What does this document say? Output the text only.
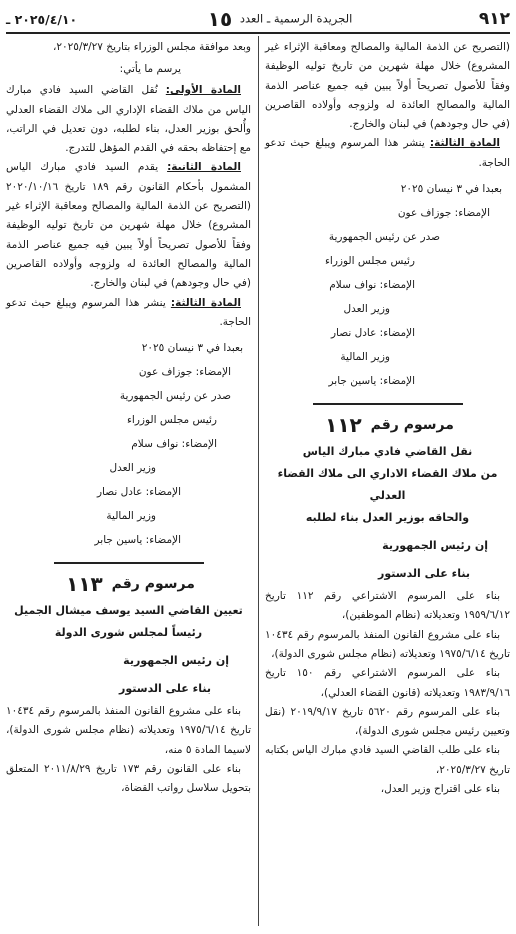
٩١٢
الجريدة الرسمية ـ العدد ١٥
٢٠٢٥/٤/١٠ ـ

(التصريح عن الذمة المالية والمصالح ومعاقبة الإثراء غير المشروع) خلال مهلة شهرين من تاريخ توليه الوظيفة وفقاً للأصول تصريحاً أولاً يبين فيه جميع عناصر الذمة المالية والمصالح العائدة له ولزوجه وأولاده القاصرين (في حال وجودهم) في لبنان والخارج.

المادة الثالثة: ينشر هذا المرسوم ويبلغ حيث تدعو الحاجة.

بعبدا في ٣ نيسان ٢٠٢٥

الإمضاء: جوزاف عون

صدر عن رئيس الجمهورية

رئيس مجلس الوزراء

الإمضاء: نواف سلام

وزير العدل

الإمضاء: عادل نصار

وزير المالية

الإمضاء: ياسين جابر

مرسوم رقم ١١٢

نقل القاضي فادي مبارك الياس

من ملاك القضاء الاداري الى ملاك القضاء العدلي

والحاقه بوزير العدل بناء لطلبه

إن رئيس الجمهورية
بناء على الدستور

بناء على المرسوم الاشتراعي رقم ١١٢ تاريخ ١٩٥٩/٦/١٢ وتعديلاته (نظام الموظفين)،

بناء على مشروع القانون المنفذ بالمرسوم رقم ١٠٤٣٤ تاريخ ١٩٧٥/٦/١٤ وتعديلاته (نظام مجلس شورى الدولة)،

بناء على المرسوم الاشتراعي رقم ١٥٠ تاريخ ١٩٨٣/٩/١٦ وتعديلاته (قانون القضاء العدلي)،

بناء على المرسوم رقم ٥٦٢٠ تاريخ ٢٠١٩/٩/١٧ (نقل وتعيين رئيس مجلس شورى الدولة)،

بناء على طلب القاضي السيد فادي مبارك الياس بكتابه تاريخ ٢٠٢٥/٣/٢٧،

بناء على اقتراح وزير العدل،

وبعد موافقة مجلس الوزراء بتاريخ ٢٠٢٥/٣/٢٧،

يرسم ما يأتي:

المادة الأولى: نُقل القاضي السيد فادي مبارك الياس من ملاك القضاء الإداري الى ملاك القضاء العدلي وأُلحق بوزير العدل، بناء لطلبه، دون تعديل في الراتب، مع إحتفاظه بحقه في القدم المؤهل للتدرج.

المادة الثانية: يقدم السيد فادي مبارك الياس المشمول بأحكام القانون رقم ١٨٩ تاريخ ٢٠٢٠/١٠/١٦ (التصريح عن الذمة المالية والمصالح ومعاقبة الإثراء غير المشروع) خلال مهلة شهرين من تاريخ توليه الوظيفة وفقاً للأصول تصريحاً أولاً يبين فيه جميع عناصر الذمة المالية والمصالح العائدة له ولزوجه وأولاده القاصرين (في حال وجودهم) في لبنان والخارج.

المادة الثالثة: ينشر هذا المرسوم ويبلغ حيث تدعو الحاجة.

بعبدا في ٣ نيسان ٢٠٢٥

الإمضاء: جوزاف عون

صدر عن رئيس الجمهورية

رئيس مجلس الوزراء

الإمضاء: نواف سلام

وزير العدل

الإمضاء: عادل نصار

وزير المالية

الإمضاء: ياسين جابر

مرسوم رقم ١١٣

تعيين القاضي السيد يوسف ميشال الجميل

رئيساً لمجلس شورى الدولة

إن رئيس الجمهورية
بناء على الدستور

بناء على مشروع القانون المنفذ بالمرسوم رقم ١٠٤٣٤ تاريخ ١٩٧٥/٦/١٤ وتعديلاته (نظام مجلس شورى الدولة)، لاسيما المادة ٥ منه،

بناء على القانون رقم ١٧٣ تاريخ ٢٠١١/٨/٢٩ المتعلق بتحويل سلاسل رواتب القضاة،
